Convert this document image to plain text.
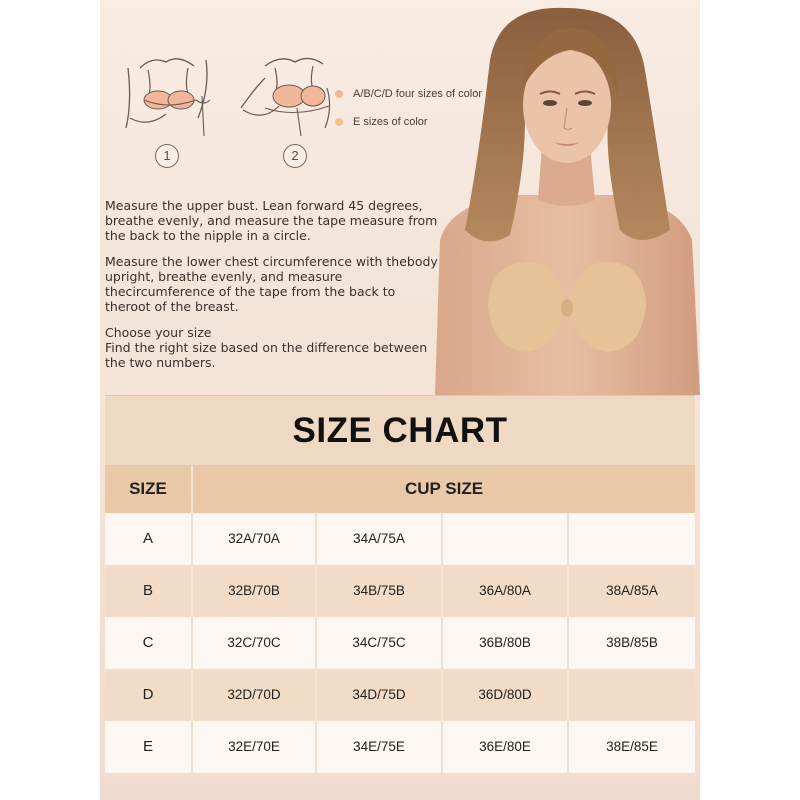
1	2
A/B/C/D four sizes of color
E sizes of color

Measure the upper bust. Lean forward 45 degrees, breathe evenly, and measure the tape measure from the back to the nipple in a circle.

Measure the lower chest circumference with thebody upright, breathe evenly, and measure thecircumference of the tape from the back to theroot of the breast.

Choose your size
Find the right size based on the difference between the two numbers.

SIZE CHART
SIZE	CUP SIZE
A	32A/70A	34A/75A
B	32B/70B	34B/75B	36A/80A	38A/85A
C	32C/70C	34C/75C	36B/80B	38B/85B
D	32D/70D	34D/75D	36D/80D
E	32E/70E	34E/75E	36E/80E	38E/85E
